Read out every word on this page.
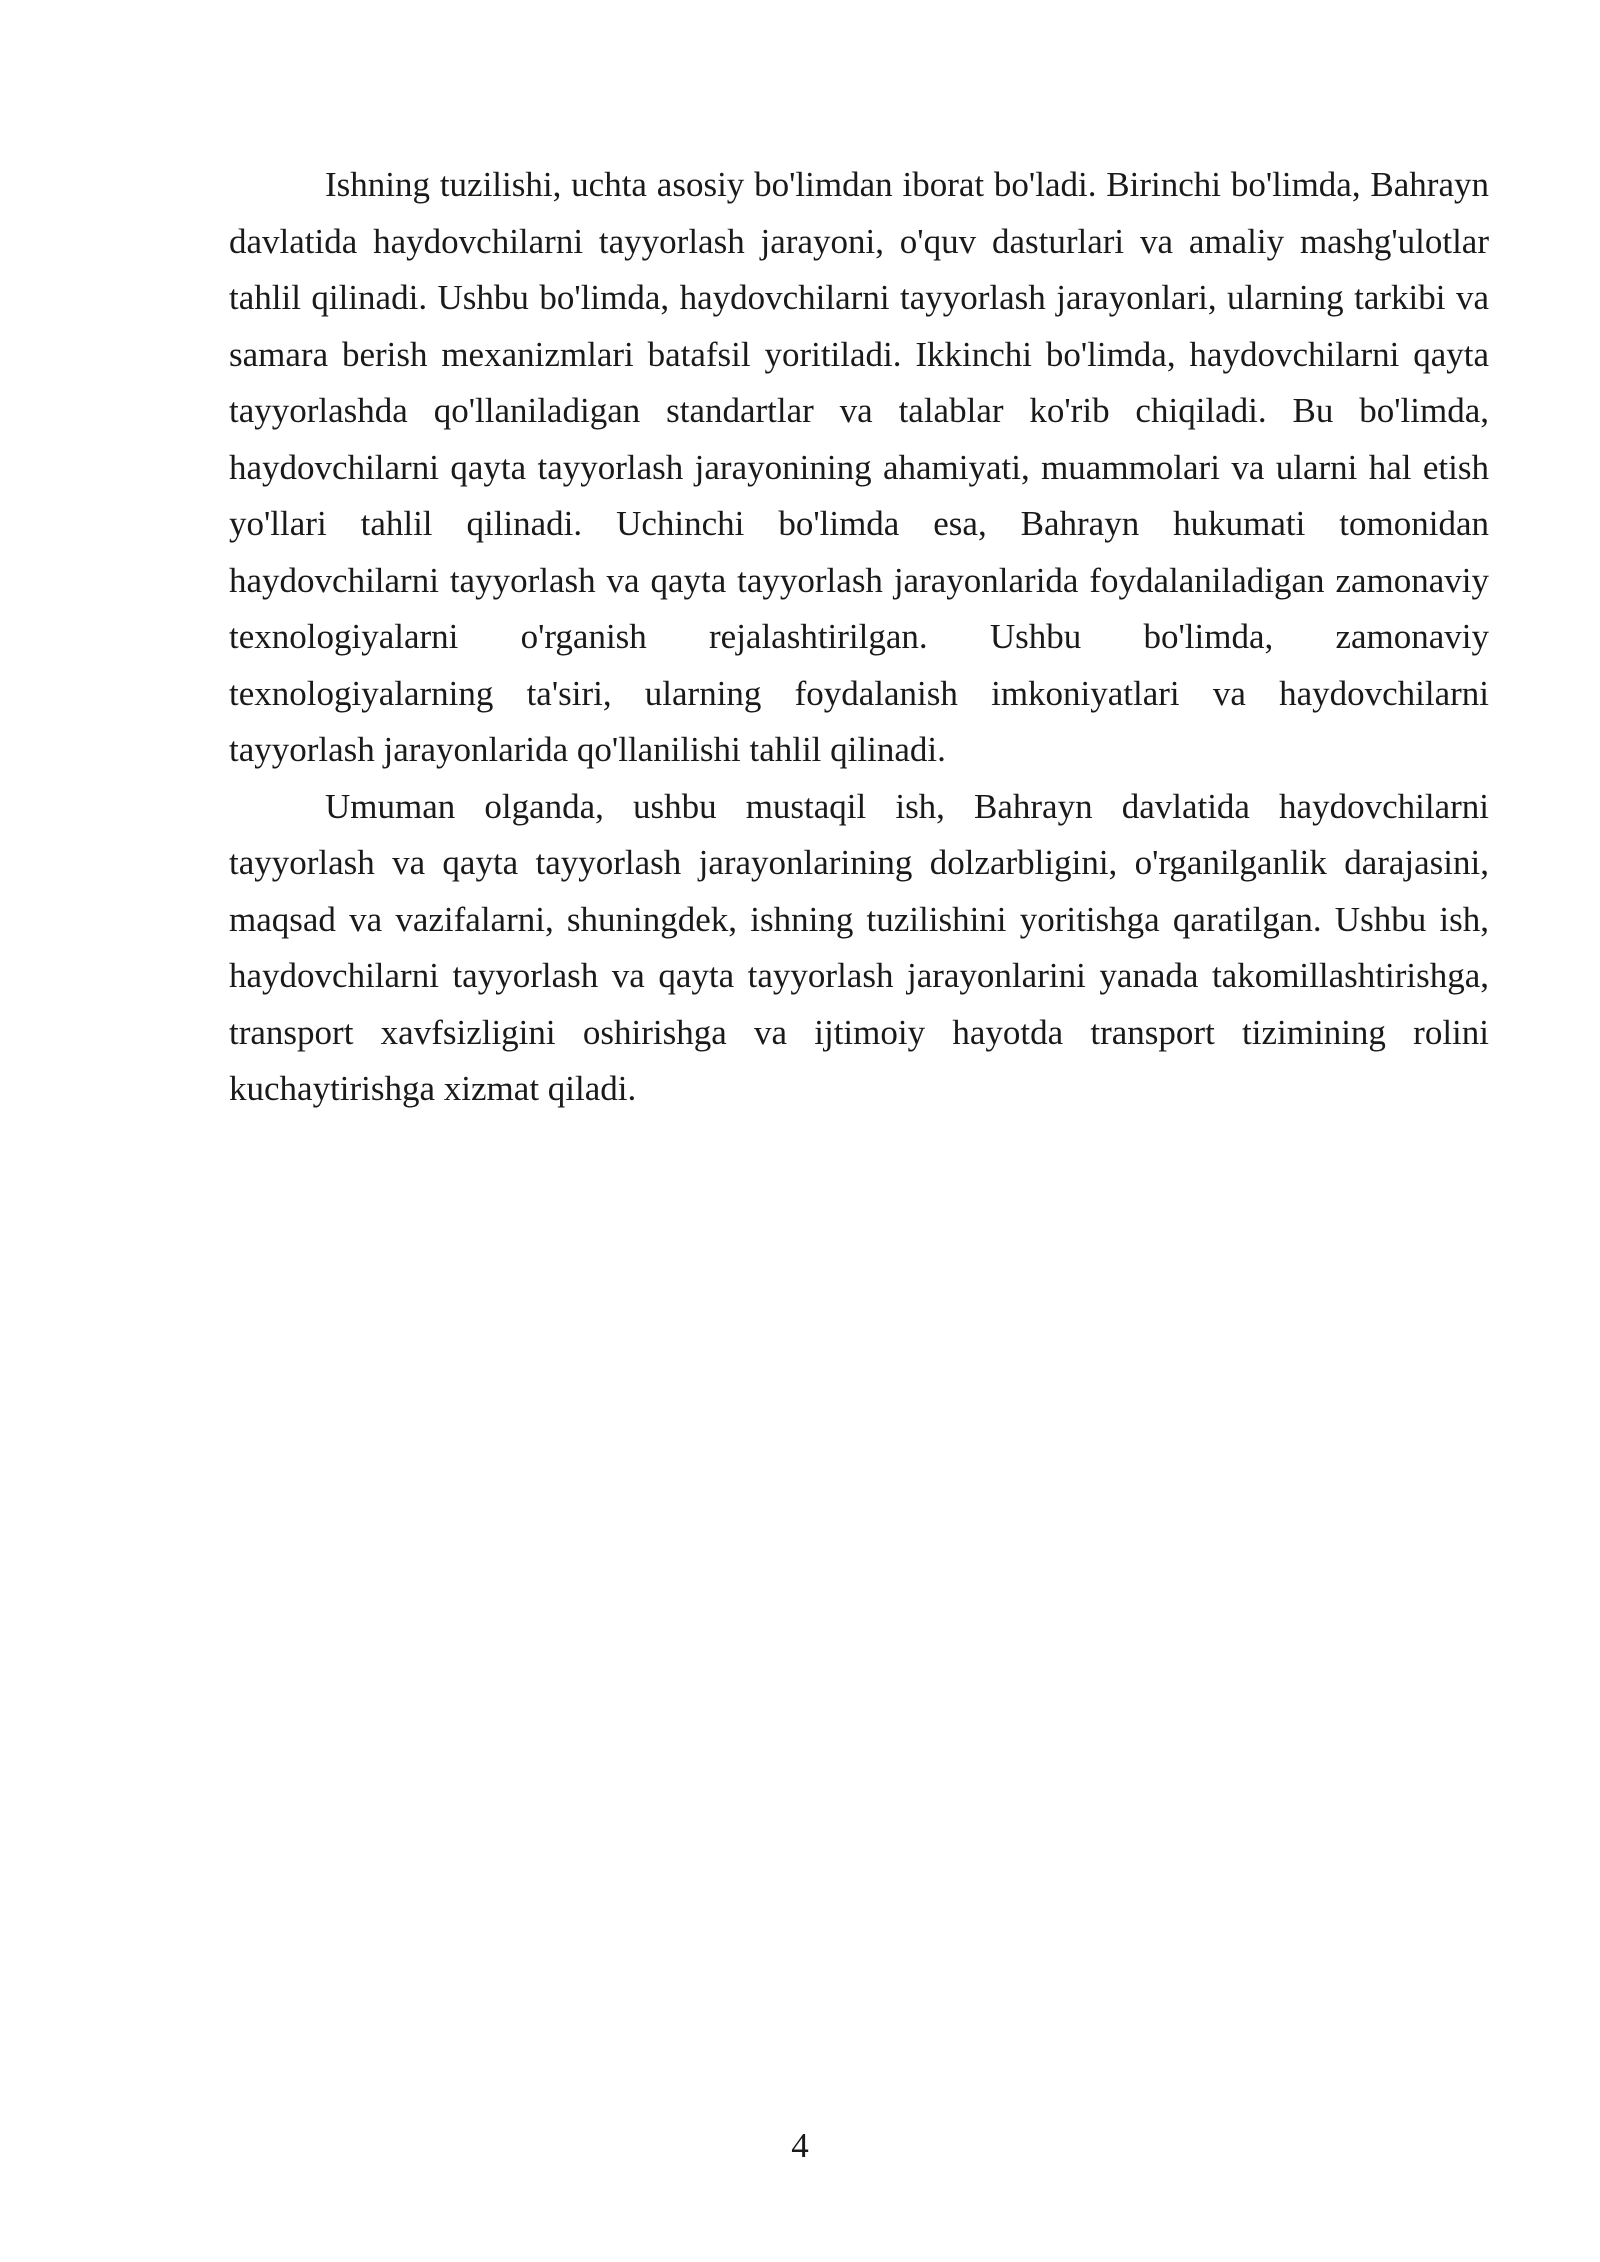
Ishning tuzilishi, uchta asosiy bo'limdan iborat bo'ladi. Birinchi bo'limda, Bahrayn davlatida haydovchilarni tayyorlash jarayoni, o'quv dasturlari va amaliy mashg'ulotlar tahlil qilinadi. Ushbu bo'limda, haydovchilarni tayyorlash jarayonlari, ularning tarkibi va samara berish mexanizmlari batafsil yoritiladi. Ikkinchi bo'limda, haydovchilarni qayta tayyorlashda qo'llaniladigan standartlar va talablar ko'rib chiqiladi. Bu bo'limda, haydovchilarni qayta tayyorlash jarayonining ahamiyati, muammolari va ularni hal etish yo'llari tahlil qilinadi. Uchinchi bo'limda esa, Bahrayn hukumati tomonidan haydovchilarni tayyorlash va qayta tayyorlash jarayonlarida foydalaniladigan zamonaviy texnologiyalarni o'rganish rejalashtirilgan. Ushbu bo'limda, zamonaviy texnologiyalarning ta'siri, ularning foydalanish imkoniyatlari va haydovchilarni tayyorlash jarayonlarida qo'llanilishi tahlil qilinadi.

Umuman olganda, ushbu mustaqil ish, Bahrayn davlatida haydovchilarni tayyorlash va qayta tayyorlash jarayonlarining dolzarbligini, o'rganilganlik darajasini, maqsad va vazifalarni, shuningdek, ishning tuzilishini yoritishga qaratilgan. Ushbu ish, haydovchilarni tayyorlash va qayta tayyorlash jarayonlarini yanada takomillashtirishga, transport xavfsizligini oshirishga va ijtimoiy hayotda transport tizimining rolini kuchaytirishga xizmat qiladi.

4
